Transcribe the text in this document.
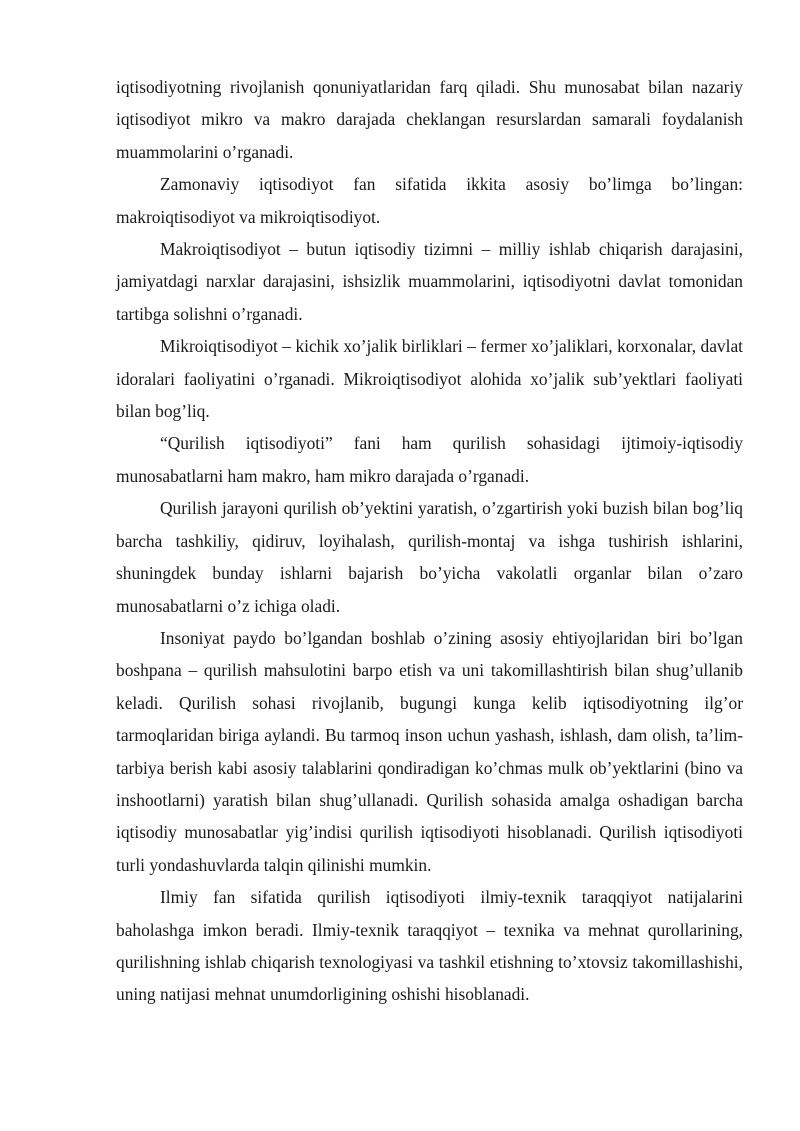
iqtisodiyotning rivojlanish qonuniyatlaridan farq qiladi. Shu munosabat bilan nazariy iqtisodiyot mikro va makro darajada cheklangan resurslardan samarali foydalanish muammolarini o’rganadi.

Zamonaviy iqtisodiyot fan sifatida ikkita asosiy bo’limga bo’lingan: makroiqtisodiyot va mikroiqtisodiyot.

Makroiqtisodiyot – butun iqtisodiy tizimni – milliy ishlab chiqarish darajasini, jamiyatdagi narxlar darajasini, ishsizlik muammolarini, iqtisodiyotni davlat tomonidan tartibga solishni o’rganadi.

Mikroiqtisodiyot – kichik xo’jalik birliklari – fermer xo’jaliklari, korxonalar, davlat idoralari faoliyatini o’rganadi. Mikroiqtisodiyot alohida xo’jalik sub’yektlari faoliyati bilan bog’liq.

“Qurilish iqtisodiyoti” fani ham qurilish sohasidagi ijtimoiy-iqtisodiy munosabatlarni ham makro, ham mikro darajada o’rganadi.

Qurilish jarayoni qurilish ob’yektini yaratish, o’zgartirish yoki buzish bilan bog’liq barcha tashkiliy, qidiruv, loyihalash, qurilish-montaj va ishga tushirish ishlarini, shuningdek bunday ishlarni bajarish bo’yicha vakolatli organlar bilan o’zaro munosabatlarni o’z ichiga oladi.

Insoniyat paydo bo’lgandan boshlab o’zining asosiy ehtiyojlaridan biri bo’lgan boshpana – qurilish mahsulotini barpo etish va uni takomillashtirish bilan shug’ullanib keladi. Qurilish sohasi rivojlanib, bugungi kunga kelib iqtisodiyotning ilg’or tarmoqlaridan biriga aylandi. Bu tarmoq inson uchun yashash, ishlash, dam olish, ta’lim-tarbiya berish kabi asosiy talablarini qondiradigan ko’chmas mulk ob’yektlarini (bino va inshootlarni) yaratish bilan shug’ullanadi. Qurilish sohasida amalga oshadigan barcha iqtisodiy munosabatlar yig’indisi qurilish iqtisodiyoti hisoblanadi. Qurilish iqtisodiyoti turli yondashuvlarda talqin qilinishi mumkin.

Ilmiy fan sifatida qurilish iqtisodiyoti ilmiy-texnik taraqqiyot natijalarini baholashga imkon beradi. Ilmiy-texnik taraqqiyot – texnika va mehnat qurollarining, qurilishning ishlab chiqarish texnologiyasi va tashkil etishning to’xtovsiz takomillashishi, uning natijasi mehnat unumdorligining oshishi hisoblanadi.
